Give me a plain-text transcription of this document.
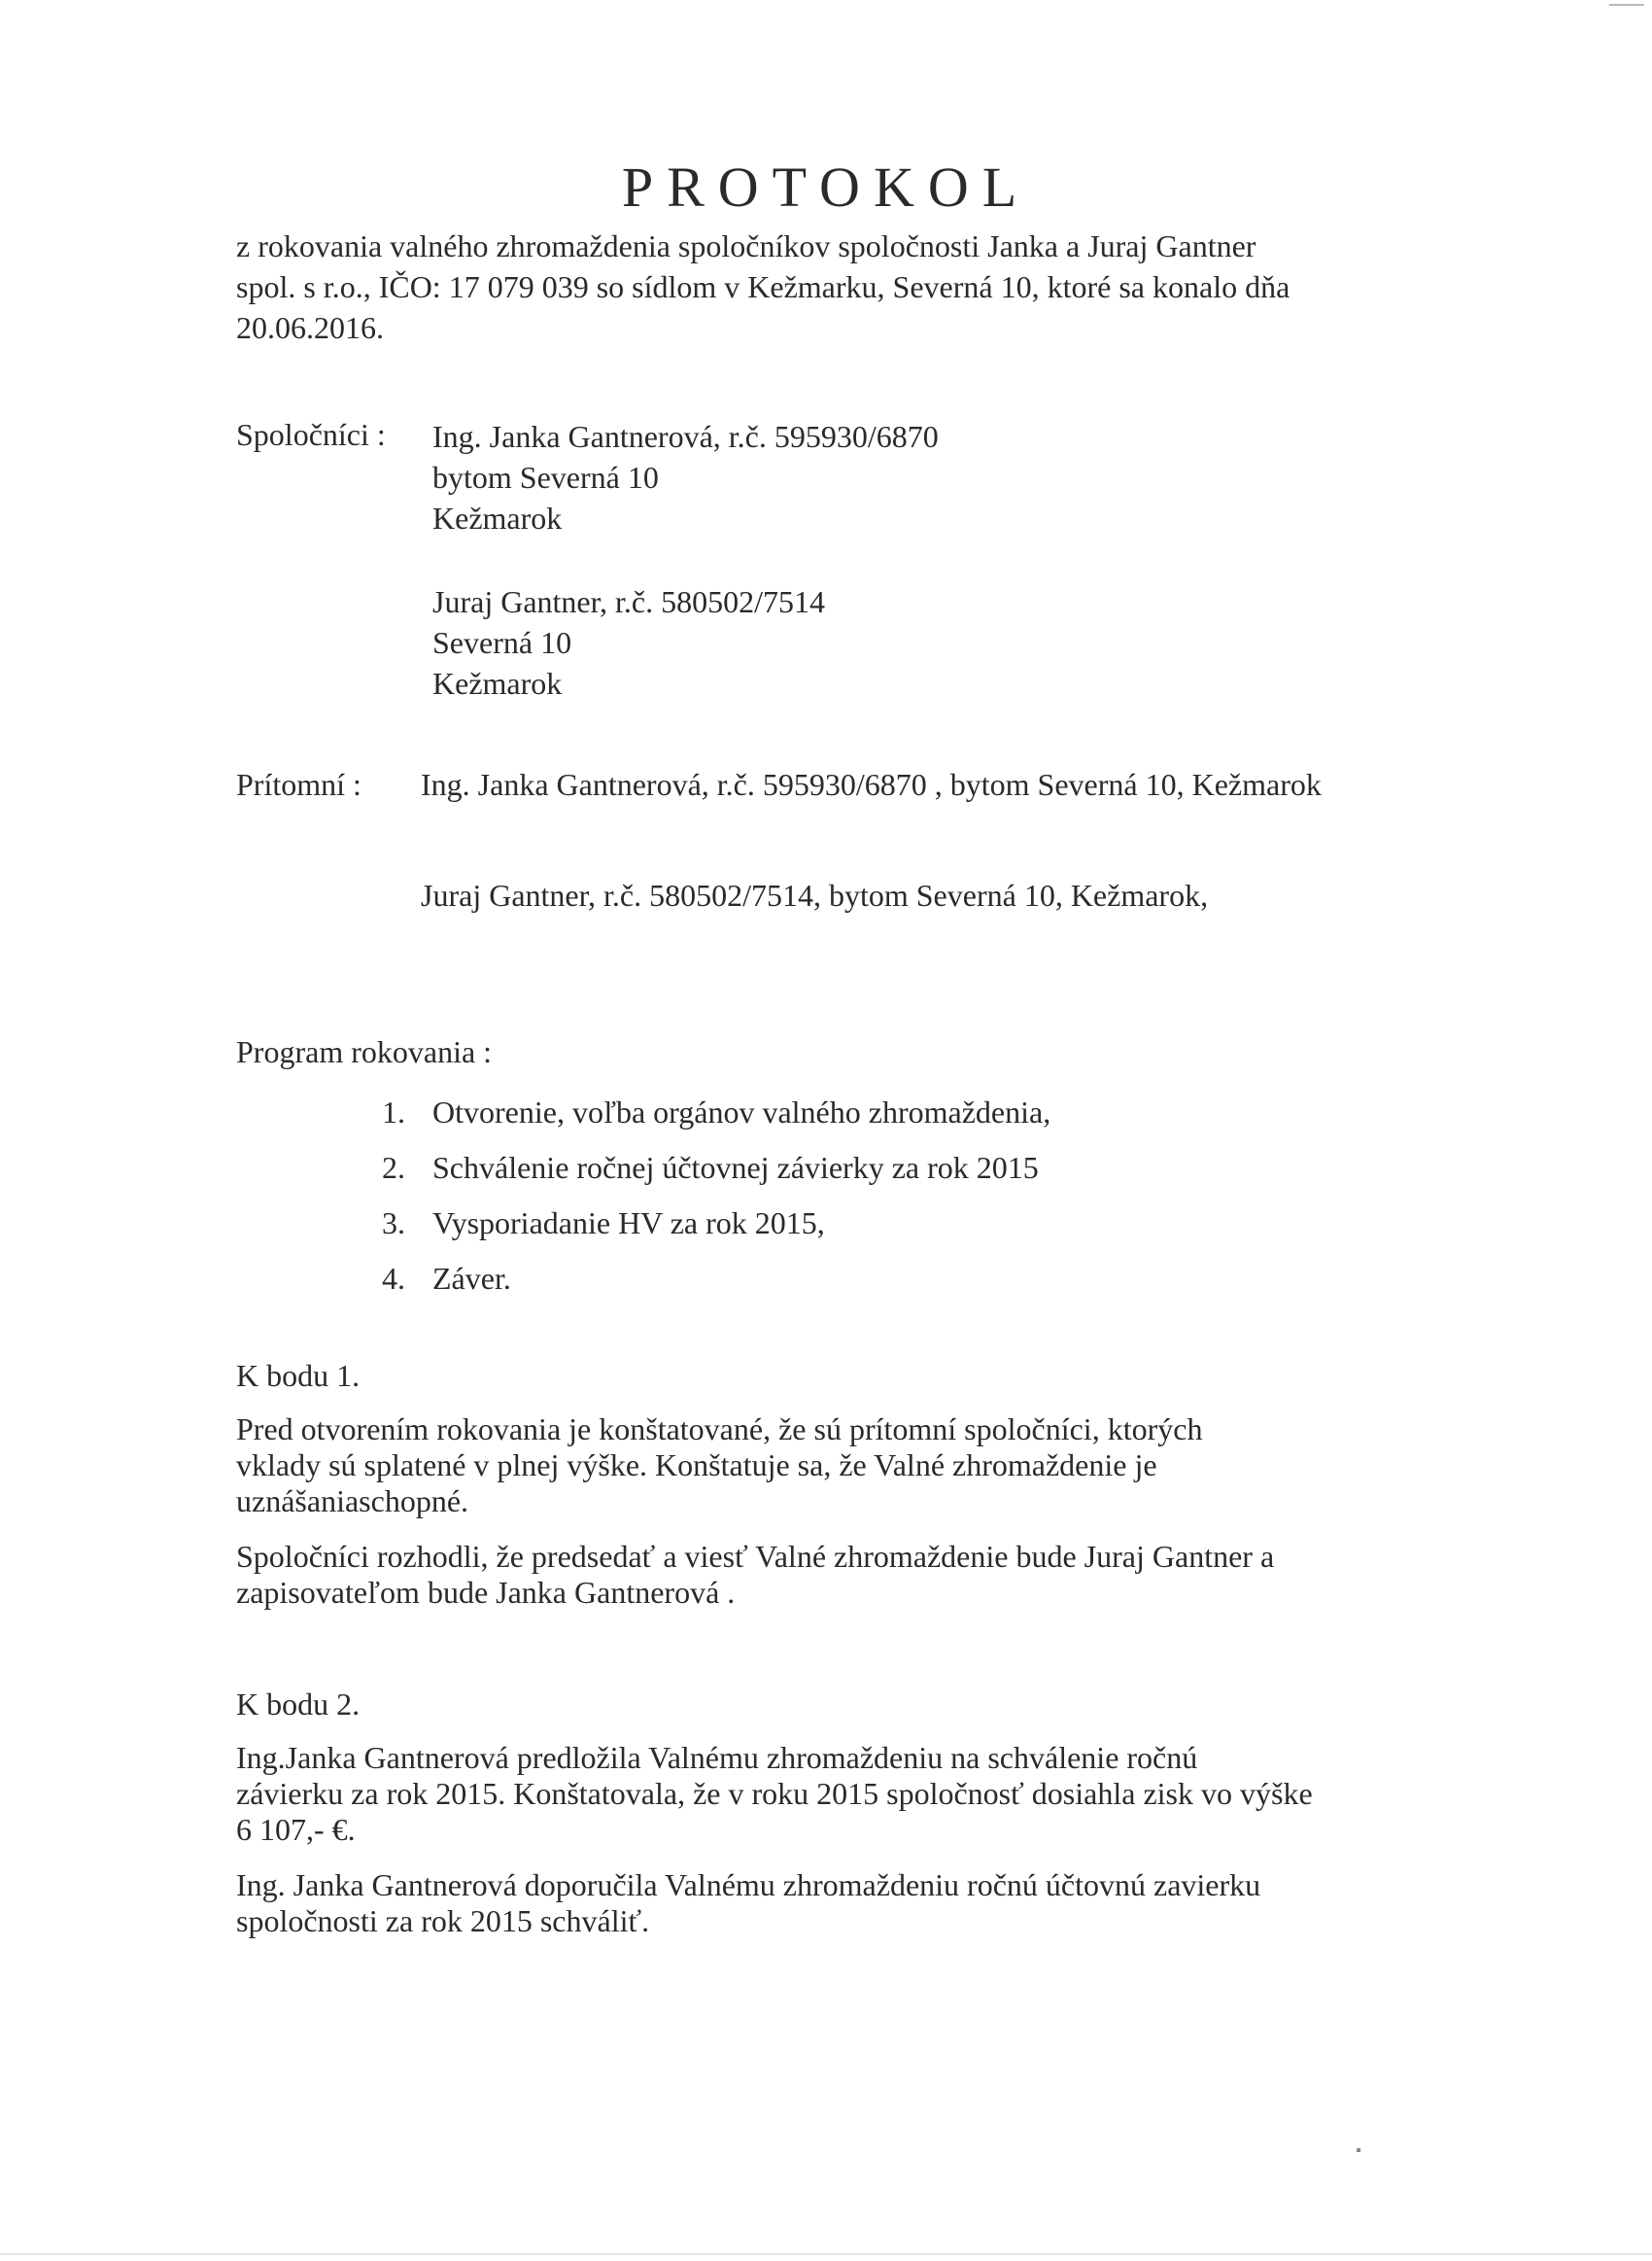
PROTOKOL
z rokovania valného zhromaždenia spoločníkov spoločnosti Janka a Juraj Gantner
spol. s r.o., IČO: 17 079 039 so sídlom v Kežmarku, Severná 10, ktoré sa konalo dňa
20.06.2016.
Spoločníci : Ing. Janka Gantnerová, r.č. 595930/6870
bytom Severná 10
Kežmarok
Juraj Gantner, r.č. 580502/7514
Severná 10
Kežmarok
Prítomní : Ing. Janka Gantnerová, r.č. 595930/6870 , bytom Severná 10, Kežmarok
Juraj Gantner, r.č. 580502/7514, bytom Severná 10, Kežmarok,
Program rokovania :
1. Otvorenie, voľba orgánov valného zhromaždenia,
2. Schválenie ročnej účtovnej závierky za rok 2015
3. Vysporiadanie HV za rok 2015,
4. Záver.
K bodu 1.
Pred otvorením rokovania je konštatované, že sú prítomní spoločníci, ktorých
vklady sú splatené v plnej výške. Konštatuje sa, že Valné zhromaždenie je
uznášaniaschopné.
Spoločníci rozhodli, že predsedať a viesť Valné zhromaždenie bude Juraj Gantner a
zapisovateľom bude Janka Gantnerová .
K bodu 2.
Ing.Janka Gantnerová predložila Valnému zhromaždeniu na schválenie ročnú
závierku za rok 2015. Konštatovala, že v roku 2015 spoločnosť dosiahla zisk vo výške
6 107,- €.
Ing. Janka Gantnerová doporučila Valnému zhromaždeniu ročnú účtovnú zavierku
spoločnosti za rok 2015 schváliť.
